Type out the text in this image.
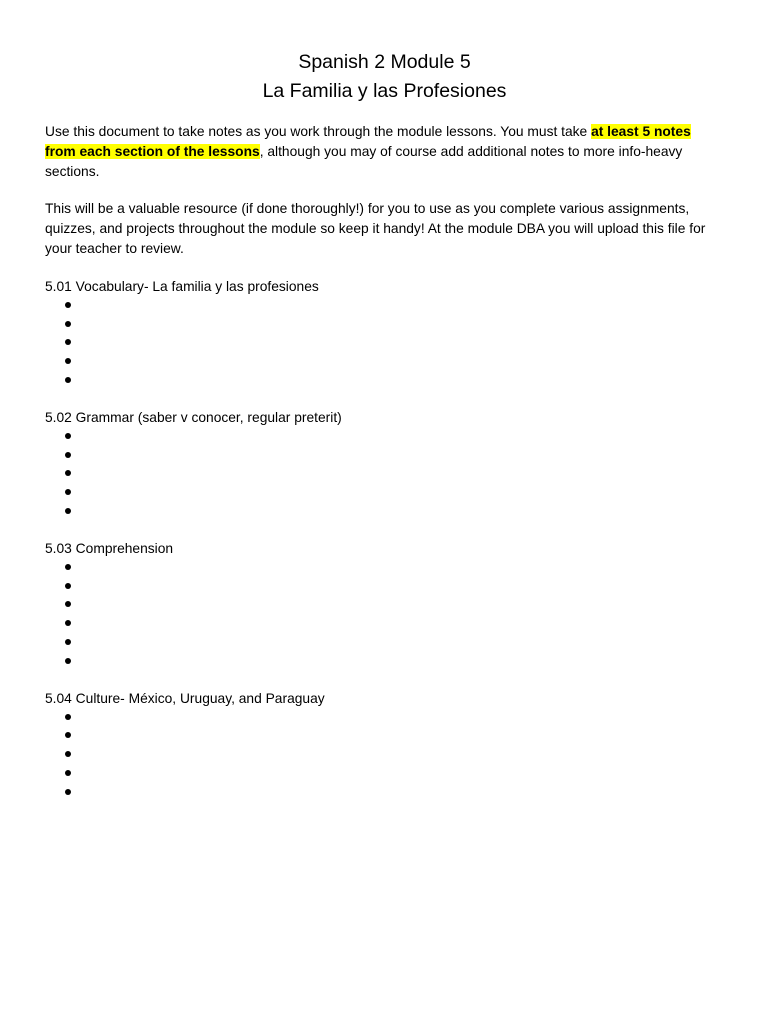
Spanish 2 Module 5
La Familia y las Profesiones

Use this document to take notes as you work through the module lessons. You must take at least 5 notes from each section of the lessons, although you may of course add additional notes to more info-heavy sections.

This will be a valuable resource (if done thoroughly!) for you to use as you complete various assignments, quizzes, and projects throughout the module so keep it handy! At the module DBA you will upload this file for your teacher to review.

5.01 Vocabulary- La familia y las profesiones
5.02 Grammar (saber v conocer, regular preterit)
5.03 Comprehension
5.04 Culture- México, Uruguay, and Paraguay
